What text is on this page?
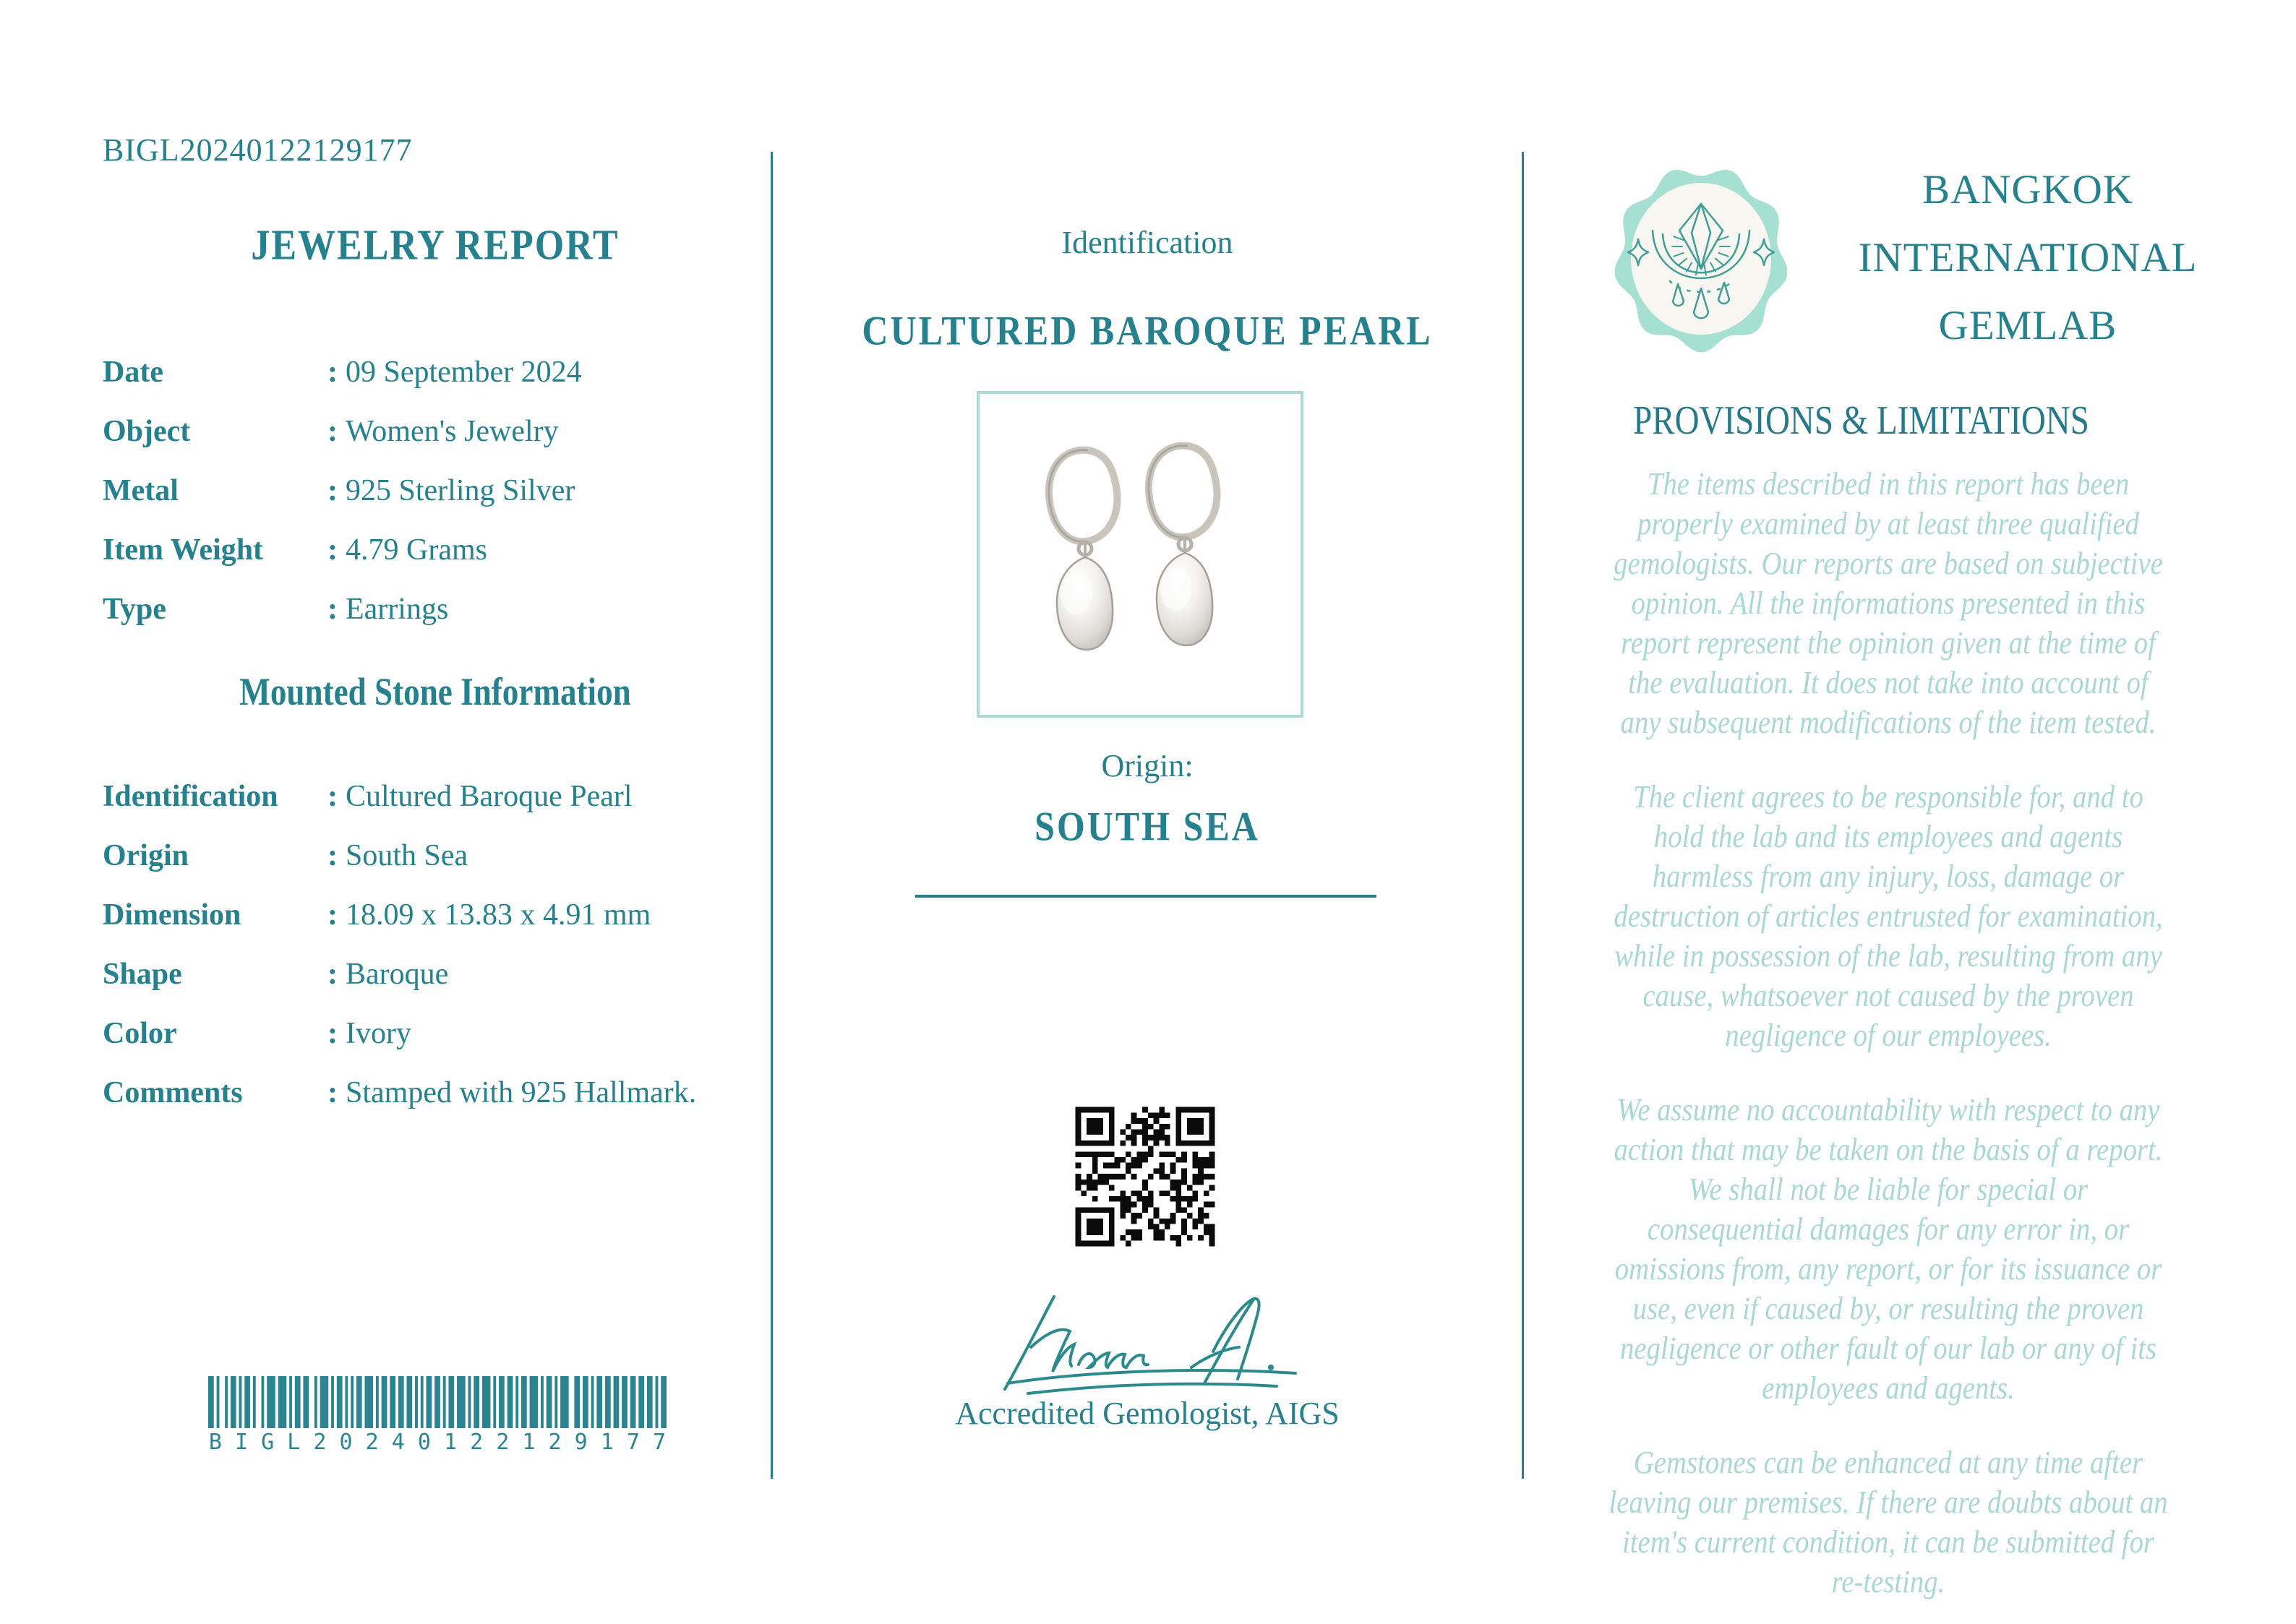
BIGL20240122129177
JEWELRY REPORT
Date	: 09 September 2024
Object	: Women's Jewelry
Metal	: 925 Sterling Silver
Item Weight	: 4.79 Grams
Type	: Earrings
Mounted Stone Information
Identification	: Cultured Baroque Pearl
Origin	: South Sea
Dimension	: 18.09 x 13.83 x 4.91 mm
Shape	: Baroque
Color	: Ivory
Comments	: Stamped with 925 Hallmark.
B I G L 2 0 2 4 0 1 2 2 1 2 9 1 7 7
Identification
CULTURED BAROQUE PEARL
Origin:
SOUTH SEA
Accredited Gemologist, AIGS
BANGKOK
INTERNATIONAL
GEMLAB
PROVISIONS & LIMITATIONS

The items described in this report has been properly examined by at least three qualified gemologists. Our reports are based on subjective opinion. All the informations presented in this report represent the opinion given at the time of the evaluation. It does not take into account of any subsequent modifications of the item tested.

The client agrees to be responsible for, and to hold the lab and its employees and agents harmless from any injury, loss, damage or destruction of articles entrusted for examination, while in possession of the lab, resulting from any cause, whatsoever not caused by the proven negligence of our employees.

We assume no accountability with respect to any action that may be taken on the basis of a report. We shall not be liable for special or consequential damages for any error in, or omissions from, any report, or for its issuance or use, even if caused by, or resulting the proven negligence or other fault of our lab or any of its employees and agents.

Gemstones can be enhanced at any time after leaving our premises. If there are doubts about an item's current condition, it can be submitted for re-testing.
